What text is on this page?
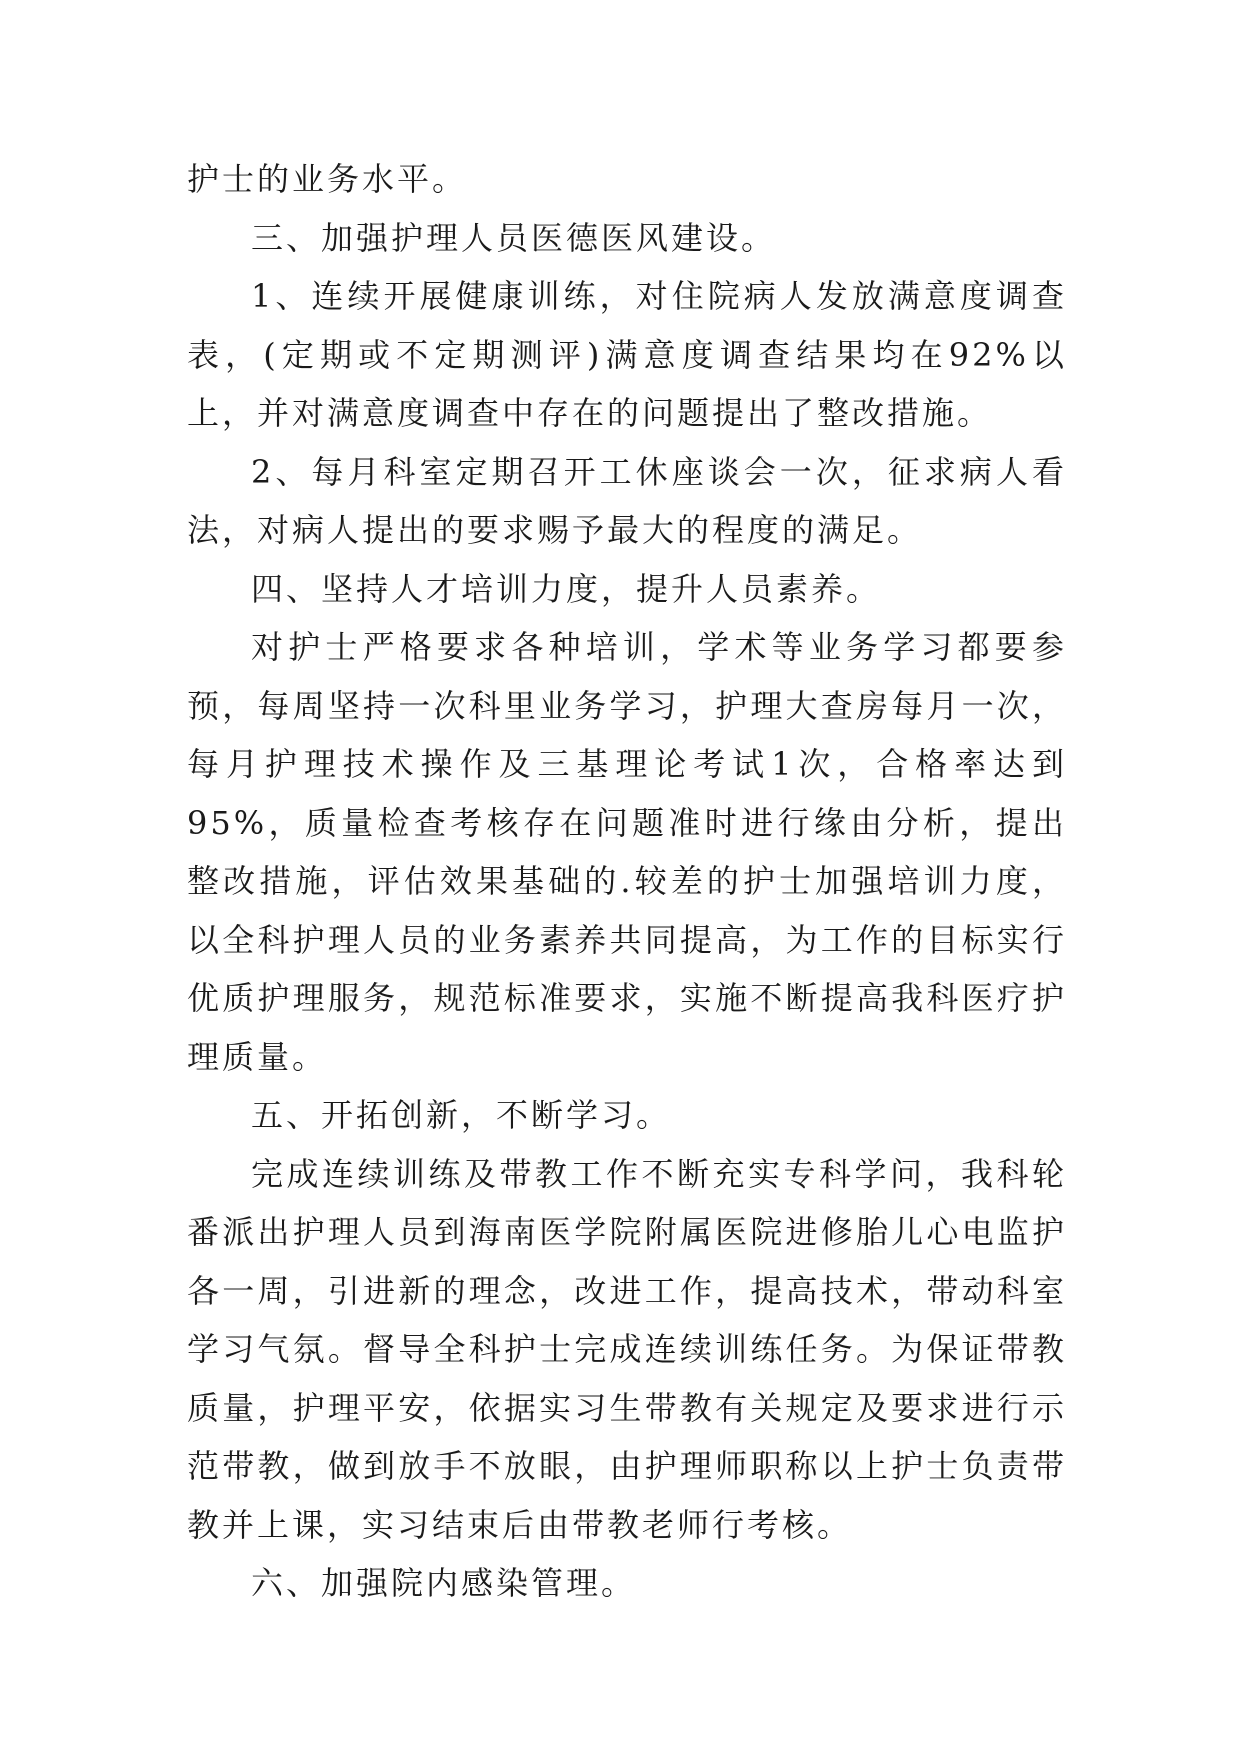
护士的业务水平。

三、加强护理人员医德医风建设。

1、连续开展健康训练，对住院病人发放满意度调查表，(定期或不定期测评)满意度调查结果均在92%以上，并对满意度调查中存在的问题提出了整改措施。

2、每月科室定期召开工休座谈会一次，征求病人看法，对病人提出的要求赐予最大的程度的满足。

四、坚持人才培训力度，提升人员素养。

对护士严格要求各种培训，学术等业务学习都要参预，每周坚持一次科里业务学习，护理大查房每月一次，每月护理技术操作及三基理论考试1次，合格率达到95%，质量检查考核存在问题准时进行缘由分析，提出整改措施，评估效果基础的.较差的护士加强培训力度，以全科护理人员的业务素养共同提高，为工作的目标实行优质护理服务，规范标准要求，实施不断提高我科医疗护理质量。

五、开拓创新，不断学习。

完成连续训练及带教工作不断充实专科学问，我科轮番派出护理人员到海南医学院附属医院进修胎儿心电监护各一周，引进新的理念，改进工作，提高技术，带动科室学习气氛。督导全科护士完成连续训练任务。为保证带教质量，护理平安，依据实习生带教有关规定及要求进行示范带教，做到放手不放眼，由护理师职称以上护士负责带教并上课，实习结束后由带教老师行考核。

六、加强院内感染管理。
